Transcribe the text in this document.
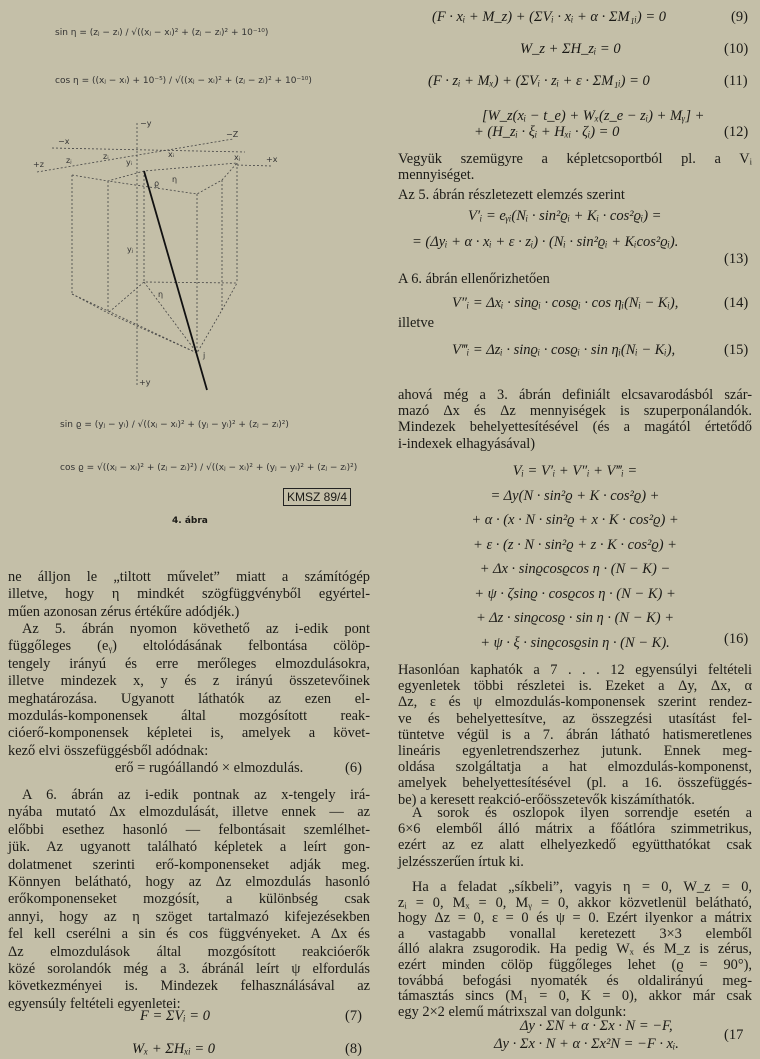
sin η = (zⱼ − zᵢ) / √((xⱼ − xᵢ)² + (zⱼ − zᵢ)² + 10⁻¹⁰)
cos η = ((xⱼ − xᵢ) + 10⁻⁵) / √((xⱼ − xᵢ)² + (zⱼ − zᵢ)² + 10⁻¹⁰)
−y
−Z
−x
+z	zⱼ	zᵢ
yᵢ
xᵢ	xⱼ	+x
ϱ η
yⱼ
η
j
+y
sin ϱ = (yⱼ − yᵢ) / √((xⱼ − xᵢ)² + (yⱼ − yᵢ)² + (zⱼ − zᵢ)²)
cos ϱ = √((xⱼ − xᵢ)² + (zⱼ − zᵢ)²) / √((xⱼ − xᵢ)² + (yⱼ − yᵢ)² + (zⱼ − zᵢ)²)
KMSZ 89/4
4. ábra
ne álljon le „tiltott művelet” miatt a számítógép
illetve, hogy η mindkét szögfüggvényből egyértel-
műen azonosan zérus értékűre adódjék.)
Az 5. ábrán nyomon követhető az i-edik pont
függőleges (eᵧ) eltolódásának felbontása cölöp-
tengely irányú és erre merőleges elmozdulásokra,
illetve mindezek x, y és z irányú összetevőinek
meghatározása. Ugyanott láthatók az ezen el-
mozdulás-komponensek által mozgósított reak-
cióerő-komponensek képletei is, amelyek a követ-
kező elvi összefüggésből adódnak:
erő = rugóállandó × elmozdulás.	(6)
A 6. ábrán az i-edik pontnak az x-tengely irá-
nyába mutató Δx elmozdulását, illetve ennek — az
előbbi esethez hasonló — felbontásait szemlélhet-
jük. Az ugyanott található képletek a leírt gon-
dolatmenet szerinti erő-komponenseket adják meg.
Könnyen belátható, hogy az Δz elmozdulás hasonló
erőkomponenseket mozgósít, a különbség csak
annyi, hogy az η szöget tartalmazó kifejezésekben
fel kell cserélni a sin és cos függvényeket. A Δx és
Δz elmozdulások által mozgósított reakcióerők
közé sorolandók még a 3. ábránál leírt ψ elfordulás
következményei is. Mindezek felhasználásával az
egyensúly feltételi egyenletei:
F = ΣVᵢ = 0	(7)
Wₓ + ΣHₓᵢ = 0	(8)
(F · xᵢ + M_z) + (ΣVᵢ · xᵢ + α · ΣM₁ᵢ) = 0	(9)
W_z + ΣH_zᵢ = 0	(10)
(F · zᵢ + Mₓ) + (ΣVᵢ · zᵢ + ε · ΣM₁ᵢ) = 0	(11)
[W_z(xᵢ − t_e) + Wₓ(z_e − zᵢ) + Mᵧ] +
+ (H_zᵢ · ξᵢ + Hₓᵢ · ζᵢ) = 0	(12)
Vegyük szemügyre a képletcsoportból pl. a Vᵢ
mennyiséget.
Az 5. ábrán részletezett elemzés szerint
V′ᵢ = eᵧᵢ(Nᵢ · sin²ϱᵢ + Kᵢ · cos²ϱᵢ) =
= (Δyᵢ + α · xᵢ + ε · zᵢ) · (Nᵢ · sin²ϱᵢ + Kᵢcos²ϱᵢ).
(13)
A 6. ábrán ellenőrizhetően
V″ᵢ = Δxᵢ · sinϱᵢ · cosϱᵢ · cos ηᵢ(Nᵢ − Kᵢ),	(14)
illetve
V‴ᵢ = Δzᵢ · sinϱᵢ · cosϱᵢ · sin ηᵢ(Nᵢ − Kᵢ),	(15)
ahová még a 3. ábrán definiált elcsavarodásból szár-
mazó Δx és Δz mennyiségek is szuperponálandók.
Mindezek behelyettesítésével (és a magától értetődő
i-indexek elhagyásával)
Vᵢ = V′ᵢ + V″ᵢ + V‴ᵢ =
= Δy(N · sin²ϱ + K · cos²ϱ) +
+ α · (x · N · sin²ϱ + x · K · cos²ϱ) +
+ ε · (z · N · sin²ϱ + z · K · cos²ϱ) +
+ Δx · sinϱcosϱcos η · (N − K) −
+ ψ · ζsinϱ · cosϱcos η · (N − K) +
+ Δz · sinϱcosϱ · sin η · (N − K) +
+ ψ · ξ · sinϱcosϱsin η · (N − K).	(16)
Hasonlóan kaphatók a 7 . . . 12 egyensúlyi feltételi
egyenletek többi részletei is. Ezeket a Δy, Δx, α
Δz, ε és ψ elmozdulás-komponensek szerint rendez-
ve és behelyettesítve, az összegzési utasítást fel-
tüntetve végül is a 7. ábrán látható hatismeretlenes
lineáris egyenletrendszerhez jutunk. Ennek meg-
oldása szolgáltatja a hat elmozdulás-komponenst,
amelyek behelyettesítésével (pl. a 16. összefüggés-
be) a keresett reakció-erőösszetevők kiszámíthatók.
A sorok és oszlopok ilyen sorrendje esetén a
6×6 elemből álló mátrix a főátlóra szimmetrikus,
ezért az ez alatt elhelyezkedő együtthatókat csak
jelzésszerűen írtuk ki.
Ha a feladat „síkbeli”, vagyis η = 0, W_z = 0,
zᵢ = 0, Mₓ = 0, Mᵧ = 0, akkor közvetlenül belátható,
hogy Δz = 0, ε = 0 és ψ = 0. Ezért ilyenkor a mátrix
a vastagabb vonallal keretezett 3×3 elemből
álló alakra zsugorodik. Ha pedig Wₓ és M_z is zérus,
ezért minden cölöp függőleges lehet (ϱ = 90°),
továbbá befogási nyomaték és oldalirányú meg-
támasztás sincs (M₁ = 0, K = 0), akkor már csak
egy 2×2 elemű mátrixszal van dolgunk:
Δy · ΣN + α · Σx · N = −F,
Δy · Σx · N + α · Σx²N = −F · xᵢ.
(17
